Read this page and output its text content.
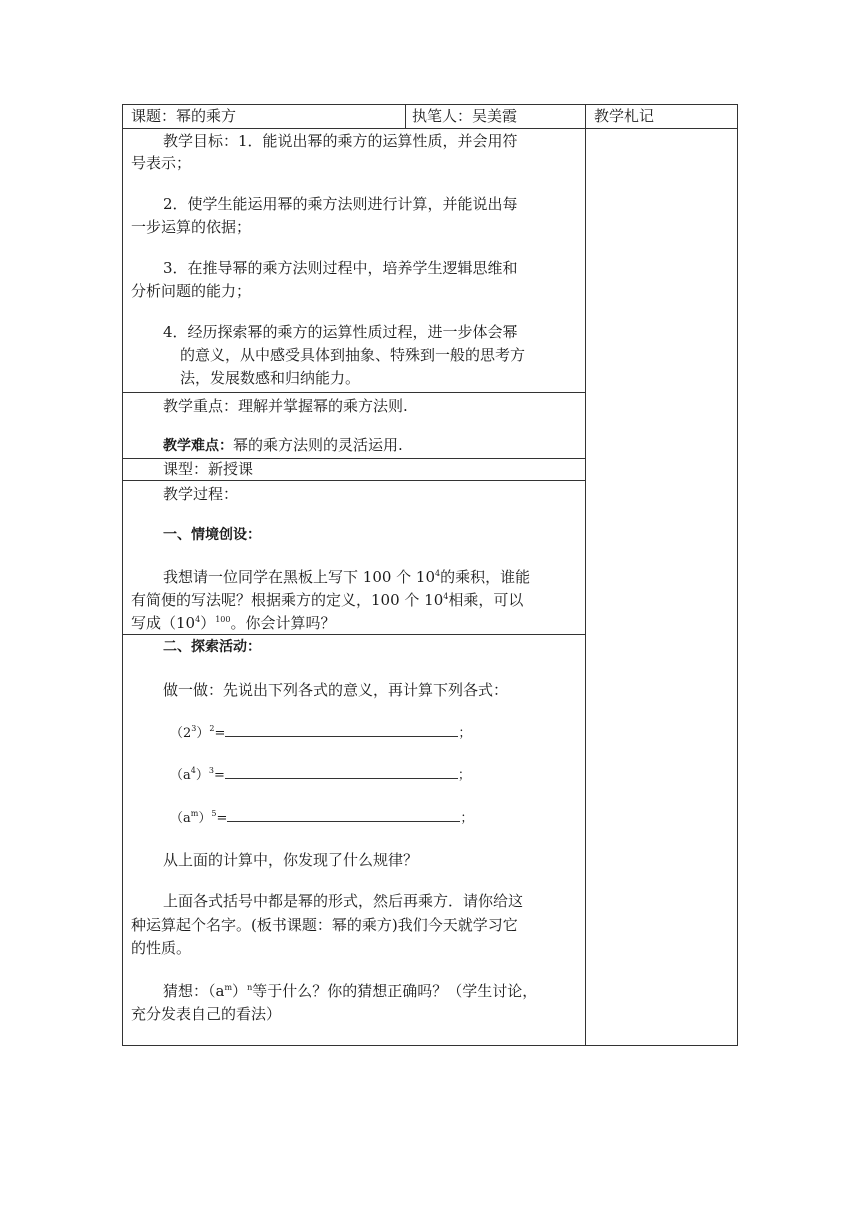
课题：幂的乘方	执笔人：吴美霞	教学札记
教学目标：1．能说出幂的乘方的运算性质，并会用符
号表示；
2．使学生能运用幂的乘方法则进行计算，并能说出每
一步运算的依据；
3．在推导幂的乘方法则过程中，培养学生逻辑思维和
分析问题的能力；
4．经历探索幂的乘方的运算性质过程，进一步体会幂
的意义，从中感受具体到抽象、特殊到一般的思考方
法，发展数感和归纳能力。
教学重点：理解并掌握幂的乘方法则.
教学难点：幂的乘方法则的灵活运用.
课型：新授课
教学过程：
一、情境创设：
我想请一位同学在黑板上写下 100 个 $10^4$的乘积，谁能
有简便的写法呢？根据乘方的定义，100 个 $10^4$相乘，可以
写成$(10^4)^{100}$。你会计算吗？
二、探索活动：
做一做：先说出下列各式的意义，再计算下列各式：
$(2^3)^2=$	；
$(a^4)^3=$	；
$(a^m)^5=$	；
从上面的计算中，你发现了什么规律？
上面各式括号中都是幂的形式，然后再乘方．请你给这
种运算起个名字。(板书课题：幂的乘方)我们今天就学习它
的性质。
猜想：$(a^m)^n$等于什么？你的猜想正确吗？（学生讨论，
充分发表自己的看法）
